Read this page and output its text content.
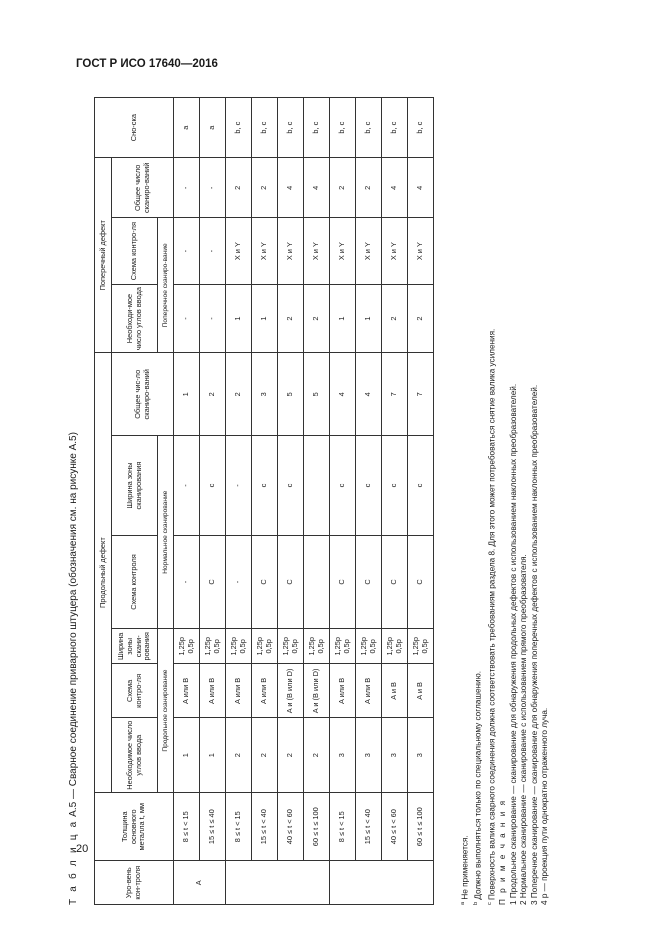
ГОСТ Р ИСО 17640—2016
Т а б л и ц а А.5 — Сварное соединение приварного штуцера (обозначения см. на рисунке А.5)
Уро-вень кон-троля	Толщина основного металла t, мм	Продольный дефект						Поперечный дефект			Сно-ска
		Необходимое число углов ввода	Схема контро-ля	Ширина зоны скани-рования	Схема контроля	Ширина зоны сканирования	Общее чис-ло сканиро-ваний	Необходи-мое число углов ввода	Схема контро-ля	Общее число сканиро-ваний	
		Продольное сканирование			Нормальное сканирование			Поперечное сканиро-вание			
A	8 ≤ t < 15	1	A или B	1,25p 0,5p	-	-	1	-	-	-	a
	15 ≤ t ≤ 40	1	A или B	1,25p 0,5p	C	c	2	-	-	-	a
	8 ≤ t < 15	2	A или B	1,25p 0,5p	-	-	2	1	X и Y	2	b, c
	15 ≤ t < 40	2	A или B	1,25p 0,5p	C	c	3	1	X и Y	2	b, c
	40 ≤ t < 60	2	A и (B или D)	1,25p 0,5p	C	c	5	2	X и Y	4	b, c
	60 ≤ t ≤ 100	2	A и (B или D)	1,25p 0,5p			5	2	X и Y	4	b, c
	8 ≤ t < 15	3	A или B	1,25p 0,5p	C	c	4	1	X и Y	2	b, c
	15 ≤ t < 40	3	A или B	1,25p 0,5p	C	c	4	1	X и Y	2	b, c
	40 ≤ t < 60	3	A и B	1,25p 0,5p	C	c	7	2	X и Y	4	b, c
	60 ≤ t ≤ 100	3	A и B	1,25p 0,5p	C	c	7	2	X и Y	4	b, c
$^a$ Не применяется.
$^b$ Должно выполняться только по специальному соглашению.
$^c$ Поверхность валика сварного соединения должна соответствовать требованиям раздела 8. Для этого может потребоваться снятие валика усиления. П р и м е ч а н и я 1 Продольное сканирование — сканирование для обнаружения продольных дефектов с использованием наклонных преобразователей. 2 Нормальное сканирование — сканирование с использованием прямого преобразователя. 3 Поперечное сканирование — сканирование для обнаружения поперечных дефектов с использованием наклонных преобразователей. 4 p — проекция пути однократно отраженного луча.
20
